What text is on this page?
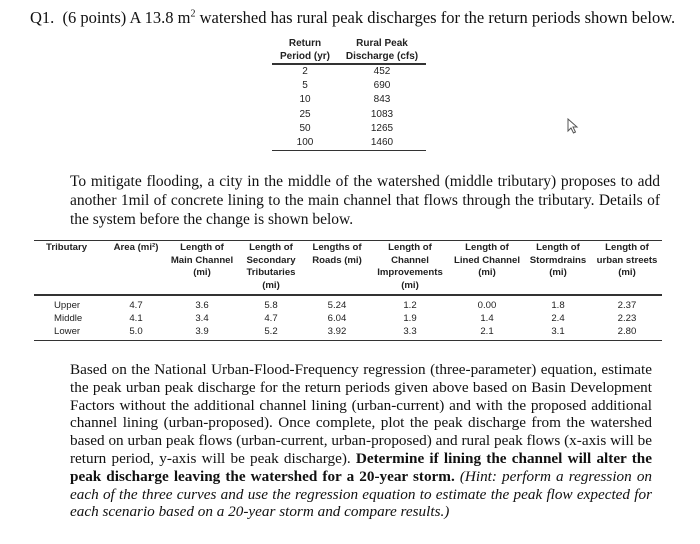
Q1. (6 points) A 13.8 $m^2$ watershed has rural peak discharges for the return periods shown below.
Return
Period (yr)	Rural Peak
Discharge (cfs)
2	452
5	690
10	843
25	1083
50	1265
100	1460
To mitigate flooding, a city in the middle of the watershed (middle tributary) proposes to add another 1mil of concrete lining to the main channel that flows through the tributary. Details of the system before the change is shown below.
Tributary	Area (mi²)	Length of
Main Channel
(mi)	Length of
Secondary
Tributaries
(mi)	Lengths of
Roads (mi)	Length of
Channel
Improvements
(mi)	Length of
Lined Channel
(mi)	Length of
Stormdrains
(mi)	Length of
urban streets
(mi)
Upper	4.7	3.6	5.8	5.24	1.2	0.00	1.8	2.37
Middle	4.1	3.4	4.7	6.04	1.9	1.4	2.4	2.23
Lower	5.0	3.9	5.2	3.92	3.3	2.1	3.1	2.80
Based on the National Urban-Flood-Frequency regression (three-parameter) equation, estimate the peak urban peak discharge for the return periods given above based on Basin Development Factors without the additional channel lining (urban-current) and with the proposed additional channel lining (urban-proposed). Once complete, plot the peak discharge from the watershed based on urban peak flows (urban-current, urban-proposed) and rural peak flows (x-axis will be return period, y-axis will be peak discharge). Determine if lining the channel will alter the peak discharge leaving the watershed for a 20-year storm. (Hint: perform a regression on each of the three curves and use the regression equation to estimate the peak flow expected for each scenario based on a 20-year storm and compare results.)
